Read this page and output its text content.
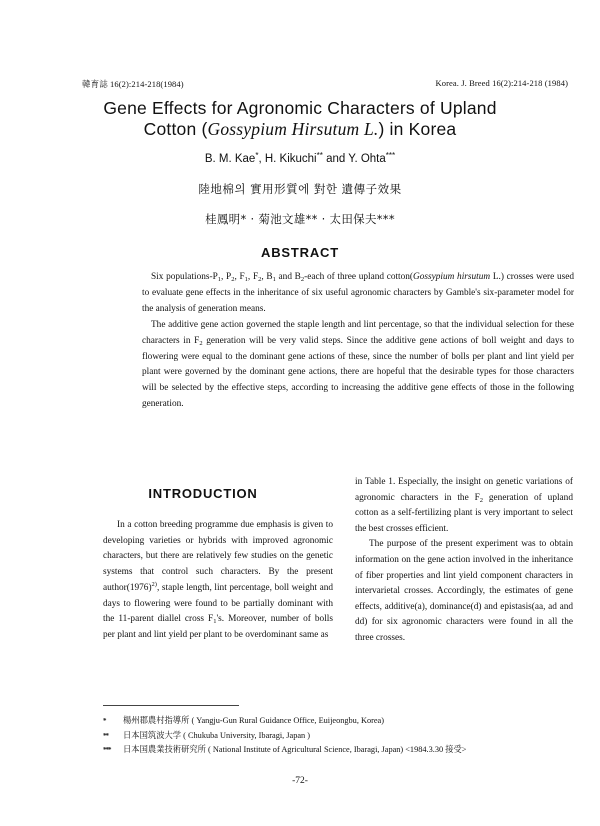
韓育誌 16(2):214-218(1984)	Korea. J. Breed 16(2):214-218 (1984)
Gene Effects for Agronomic Characters of Upland
Cotton (Gossypium Hirsutum L.) in Korea
B. M. Kae*, H. Kikuchi** and Y. Ohta***
陸地棉의 實用形質에 對한 遺傳子效果
桂鳳明* · 菊池文雄** · 太田保夫***
ABSTRACT

Six populations-$P_1$, $P_2$, $F_1$, $F_2$, $B_1$ and $B_2$-each of three upland cotton(Gossypium hirsutum L.) crosses were used to evaluate gene effects in the inheritance of six useful agronomic characters by Gamble's six-parameter model for the analysis of generation means.

The additive gene action governed the staple length and lint percentage, so that the individual selection for these characters in $F_2$ generation will be very valid steps. Since the additive gene actions of boll weight and days to flowering were equal to the dominant gene actions of these, since the number of bolls per plant and lint yield per plant were governed by the dominant gene actions, there are hopeful that the desirable types for those characters will be selected by the effective steps, according to increasing the additive gene effects of those in the following generation.

INTRODUCTION

In a cotton breeding programme due emphasis is given to developing varieties or hybrids with improved agronomic characters, but there are relatively few studies on the genetic systems that control such characters. By the present $author(1976)^{2)}$, staple length, lint percentage, boll weight and days to flowering were found to be partially dominant with the 11-parent diallel cross $F_1's$. Moreover, number of bolls per plant and lint yield per plant to be overdominant same as

in Table 1. Especially, the insight on genetic variations of agronomic characters in the $F_2$ generation of upland cotton as a self-fertilizing plant is very important to select the best crosses efficient.

The purpose of the present experiment was to obtain information on the gene action involved in the inheritance of fiber properties and lint yield component characters in intervarietal crosses. Accordingly, the estimates of gene effects, additive(a), dominance(d) and epistasis(aa, ad and dd) for six agronomic characters were found in all the three crosses.

*	楊州郡農村指導所 ( Yangju-Gun Rural Guidance Office, Euijeongbu, Korea)
**	日本国筑波大学 ( Chukuba University, Ibaragi, Japan )
***	日本国農業技術研究所 ( National Institute of Agricultural Science, Ibaragi, Japan) <1984.3.30 接受>
-72-
